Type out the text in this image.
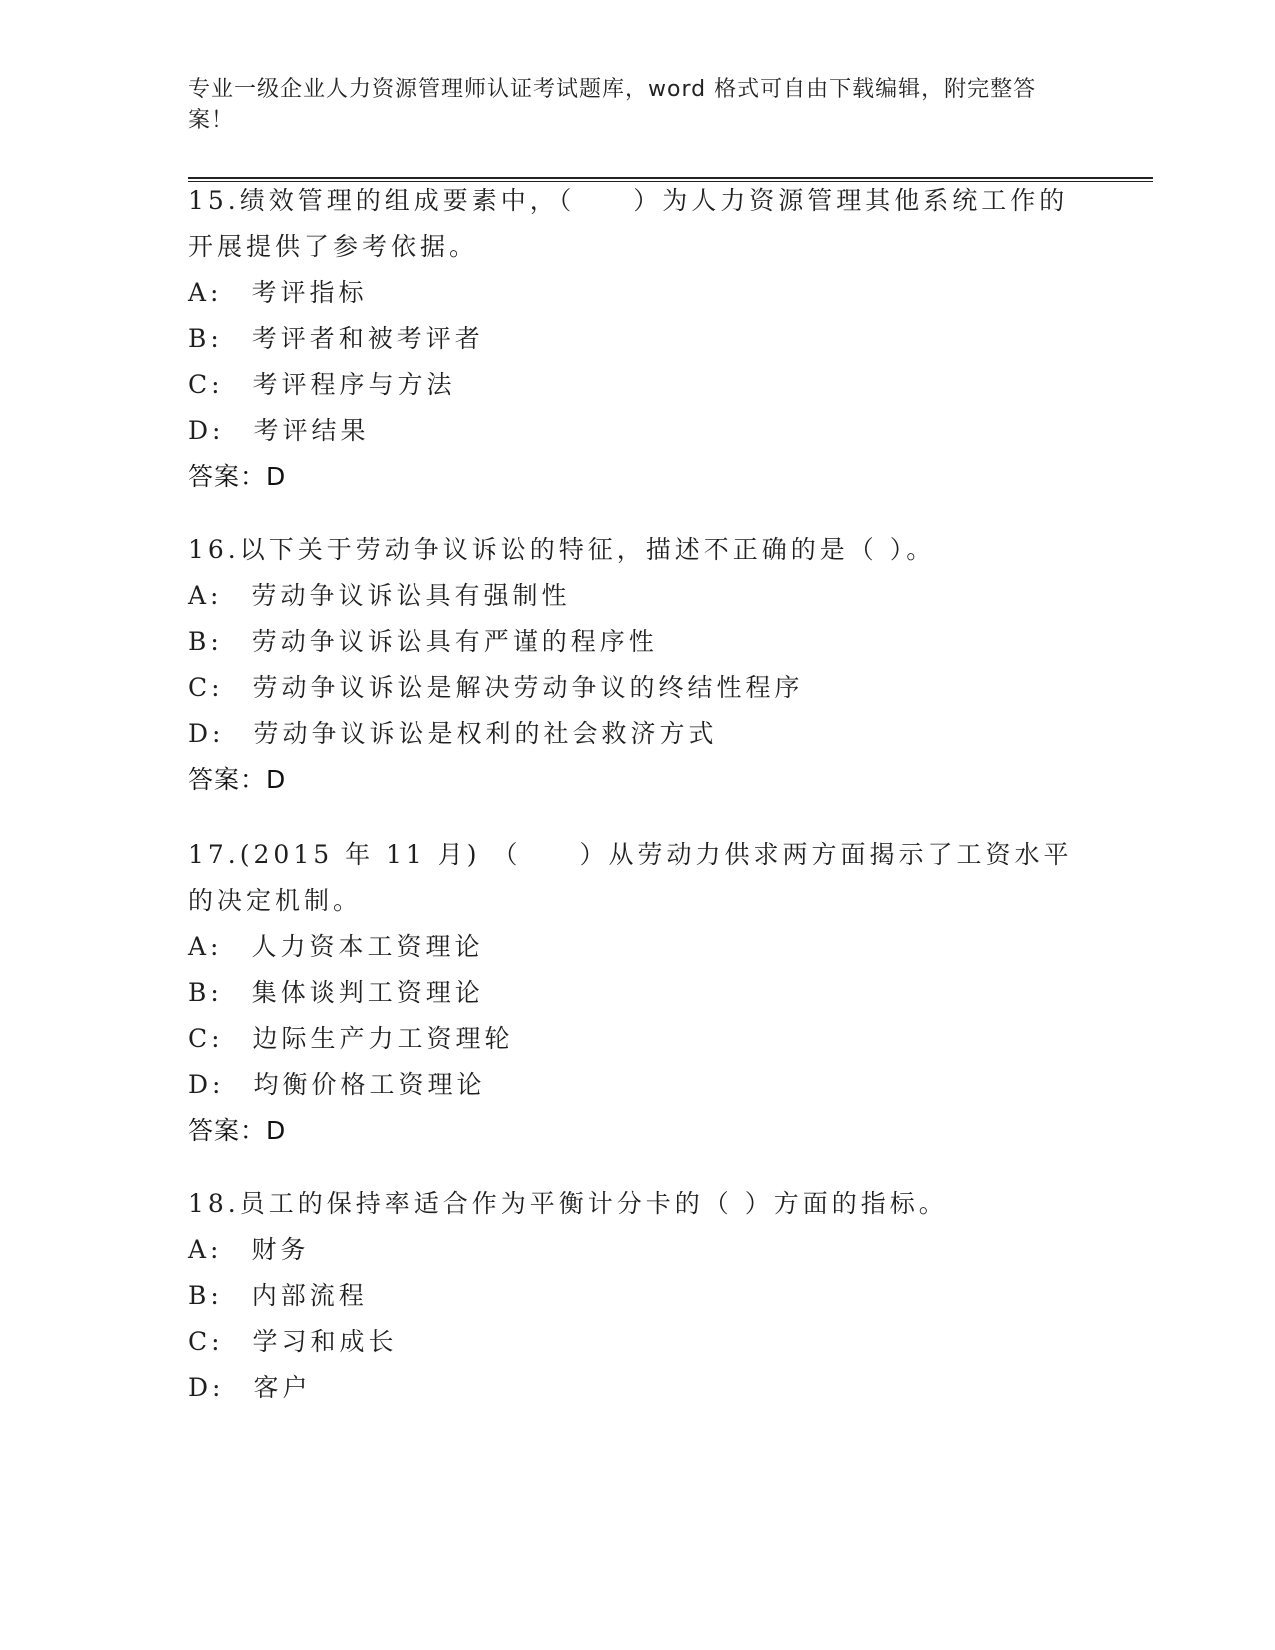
专业一级企业人力资源管理师认证考试题库，word 格式可自由下载编辑，附完整答案！
15.绩效管理的组成要素中，（　　）为人力资源管理其他系统工作的开展提供了参考依据。
A:　考评指标
B:　考评者和被考评者
C:　考评程序与方法
D:　考评结果
答案：D
16.以下关于劳动争议诉讼的特征，描述不正确的是（ ）。
A:　劳动争议诉讼具有强制性
B:　劳动争议诉讼具有严谨的程序性
C:　劳动争议诉讼是解决劳动争议的终结性程序
D:　劳动争议诉讼是权利的社会救济方式
答案：D
17.(2015 年 11 月) （　　）从劳动力供求两方面揭示了工资水平的决定机制。
A:　人力资本工资理论
B:　集体谈判工资理论
C:　边际生产力工资理轮
D:　均衡价格工资理论
答案：D
18.员工的保持率适合作为平衡计分卡的（ ）方面的指标。
A:　财务
B:　内部流程
C:　学习和成长
D:　客户
